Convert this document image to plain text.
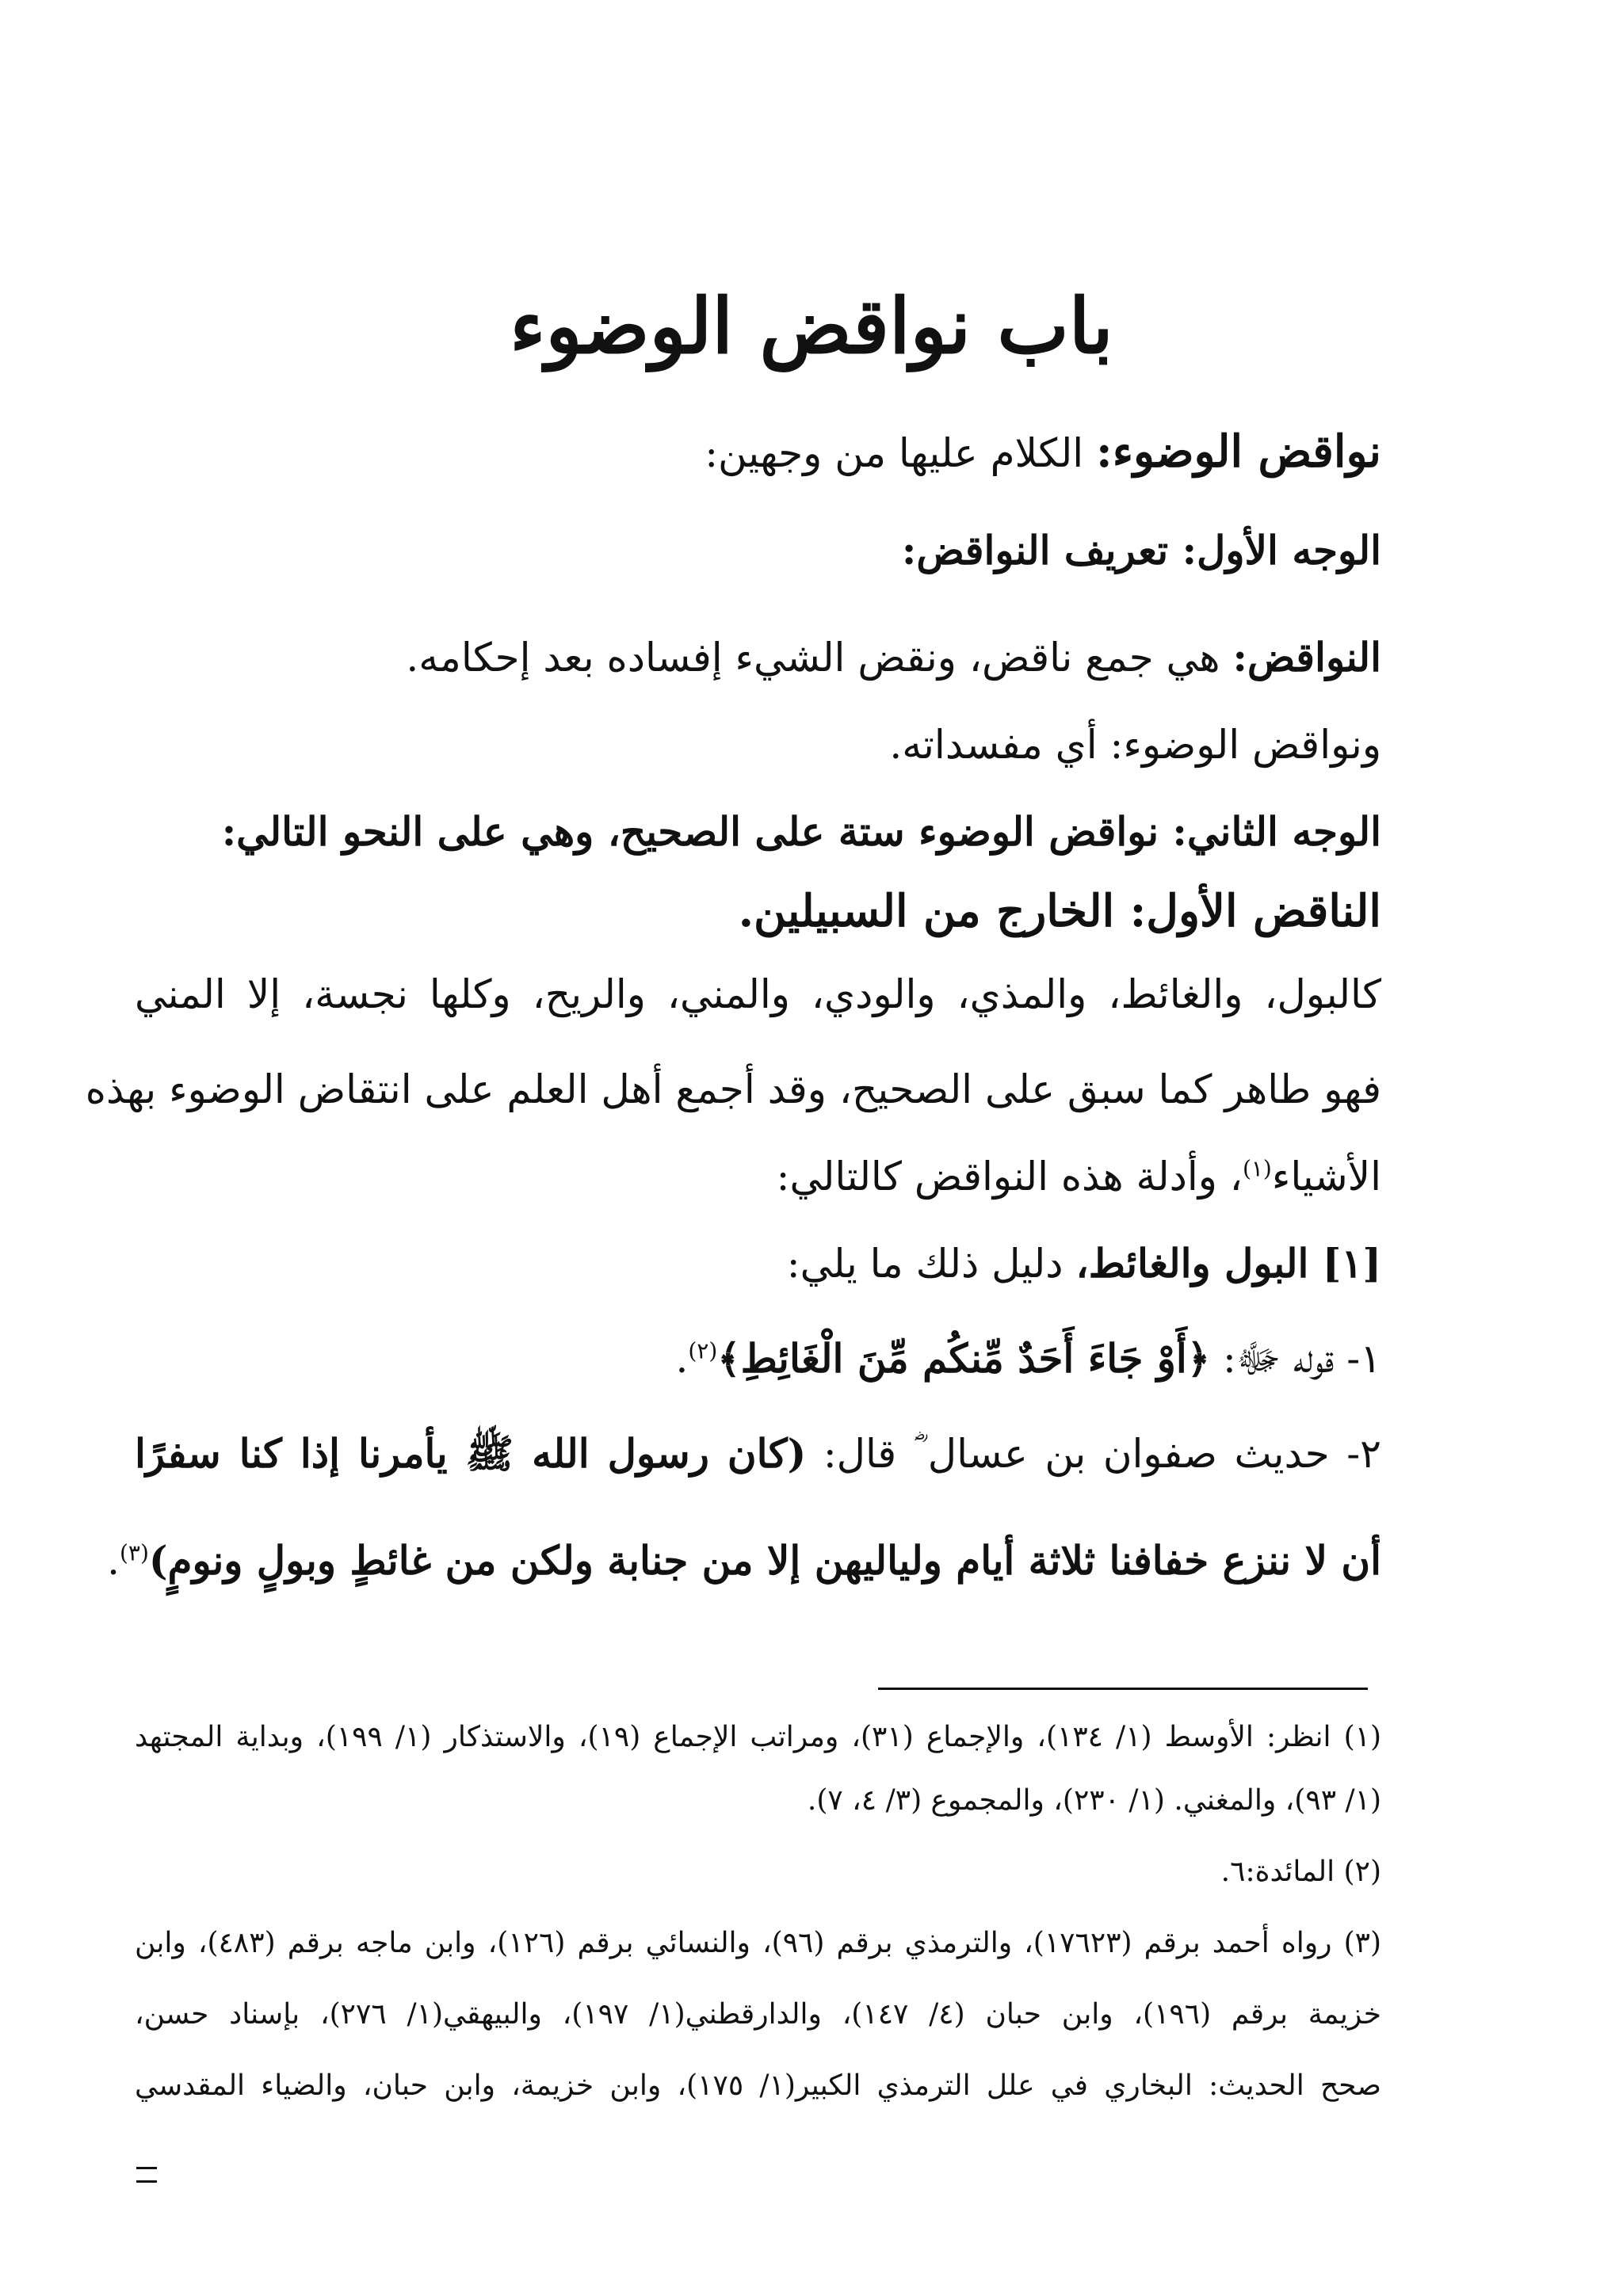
باب نواقض الوضوء
نواقض الوضوء: الكلام عليها من وجهين:
الوجه الأول: تعريف النواقض:
النواقض: هي جمع ناقض، ونقض الشيء إفساده بعد إحكامه.
ونواقض الوضوء: أي مفسداته.
الوجه الثاني: نواقض الوضوء ستة على الصحيح، وهي على النحو التالي:
الناقض الأول: الخارج من السبيلين.
كالبول، والغائط، والمذي، والودي، والمني، والريح، وكلها نجسة، إلا المني
فهو طاهر كما سبق على الصحيح، وقد أجمع أهل العلم على انتقاض الوضوء بهذه
الأشياء$^{(١)}$، وأدلة هذه النواقض كالتالي:
[١] البول والغائط، دليل ذلك ما يلي:
١- قوله ﷻ: ﴿أَوْ جَاءَ أَحَدٌ مِّنكُم مِّنَ الْغَائِطِ﴾$^{(٢)}$.
٢- حديث صفوان بن عسال ؓ قال: (كان رسول الله ﷺ يأمرنا إذا كنا سفرًا
أن لا ننزع خفافنا ثلاثة أيام ولياليهن إلا من جنابة ولكن من غائطٍ وبولٍ ونومٍ)$^{(٣)}$.
(١) انظر: الأوسط (١/ ١٣٤)، والإجماع (٣١)، ومراتب الإجماع (١٩)، والاستذكار (١/ ١٩٩)، وبداية المجتهد
(١/ ٩٣)، والمغني. (١/ ٢٣٠)، والمجموع (٣/ ٤، ٧).
(٢) المائدة:٦.
(٣) رواه أحمد برقم (١٧٦٢٣)، والترمذي برقم (٩٦)، والنسائي برقم (١٢٦)، وابن ماجه برقم (٤٨٣)، وابن
خزيمة برقم (١٩٦)، وابن حبان (٤/ ١٤٧)، والدارقطني(١/ ١٩٧)، والبيهقي(١/ ٢٧٦)، بإسناد حسن،
صحح الحديث: البخاري في علل الترمذي الكبير(١/ ١٧٥)، وابن خزيمة، وابن حبان، والضياء المقدسي
